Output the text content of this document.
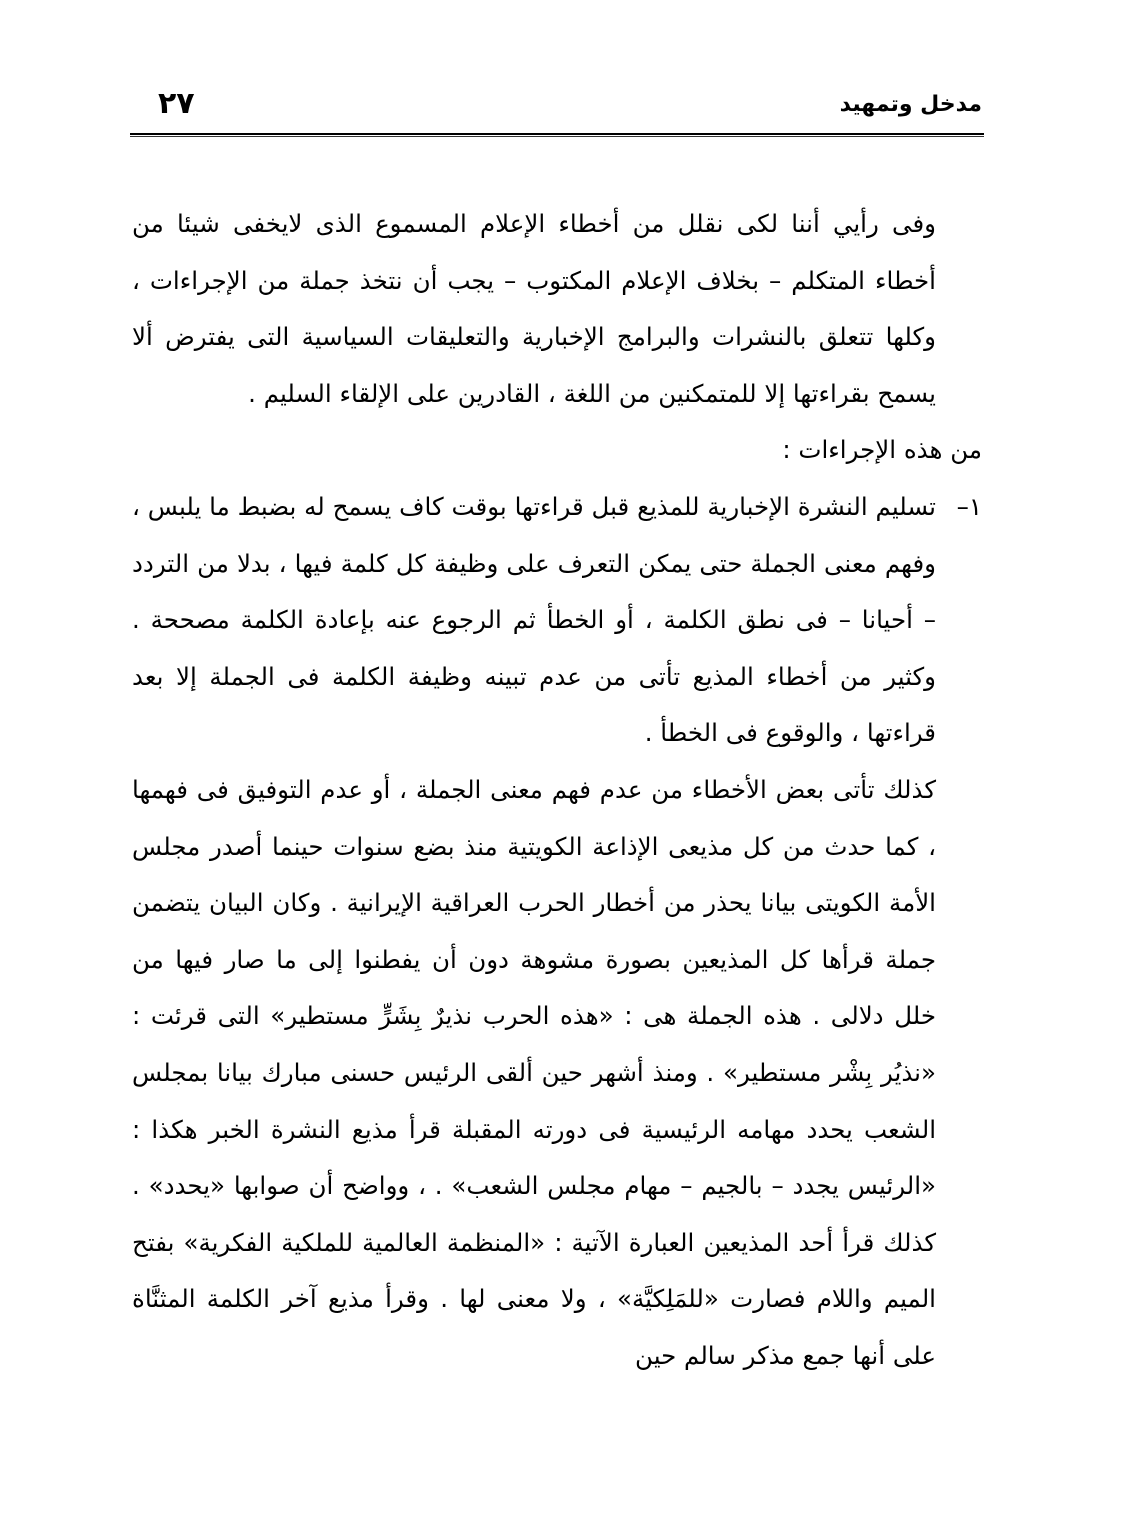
مدخل وتمهيد
٢٧

وفى رأيي أننا لكى نقلل من أخطاء الإعلام المسموع الذى لايخفى شيئا من أخطاء المتكلم – بخلاف الإعلام المكتوب – يجب أن نتخذ جملة من الإجراءات ، وكلها تتعلق بالنشرات والبرامج الإخبارية والتعليقات السياسية التى يفترض ألا يسمح بقراءتها إلا للمتمكنين من اللغة ، القادرين على الإلقاء السليم .

من هذه الإجراءات :

١–
تسليم النشرة الإخبارية للمذيع قبل قراءتها بوقت كاف يسمح له بضبط ما يلبس ، وفهم معنى الجملة حتى يمكن التعرف على وظيفة كل كلمة فيها ، بدلا من التردد – أحيانا – فى نطق الكلمة ، أو الخطأ ثم الرجوع عنه بإعادة الكلمة مصححة . وكثير من أخطاء المذيع تأتى من عدم تبينه وظيفة الكلمة فى الجملة إلا بعد قراءتها ، والوقوع فى الخطأ .

كذلك تأتى بعض الأخطاء من عدم فهم معنى الجملة ، أو عدم التوفيق فى فهمها ، كما حدث من كل مذيعى الإذاعة الكويتية منذ بضع سنوات حينما أصدر مجلس الأمة الكويتى بيانا يحذر من أخطار الحرب العراقية الإيرانية . وكان البيان يتضمن جملة قرأها كل المذيعين بصورة مشوهة دون أن يفطنوا إلى ما صار فيها من خلل دلالى . هذه الجملة هى : «هذه الحرب نذيرٌ بِشَرٍّ مستطير» التى قرئت : «نذيُر بِشْر مستطير» . ومنذ أشهر حين ألقى الرئيس حسنى مبارك بيانا بمجلس الشعب يحدد مهامه الرئيسية فى دورته المقبلة قرأ مذيع النشرة الخبر هكذا : «الرئيس يجدد – بالجيم – مهام مجلس الشعب» . ، وواضح أن صوابها «يحدد» . كذلك قرأ أحد المذيعين العبارة الآتية : «المنظمة العالمية للملكية الفكرية» بفتح الميم واللام فصارت «للمَلِكيَّة» ، ولا معنى لها . وقرأ مذيع آخر الكلمة المثنَّاة على أنها جمع مذكر سالم حين
